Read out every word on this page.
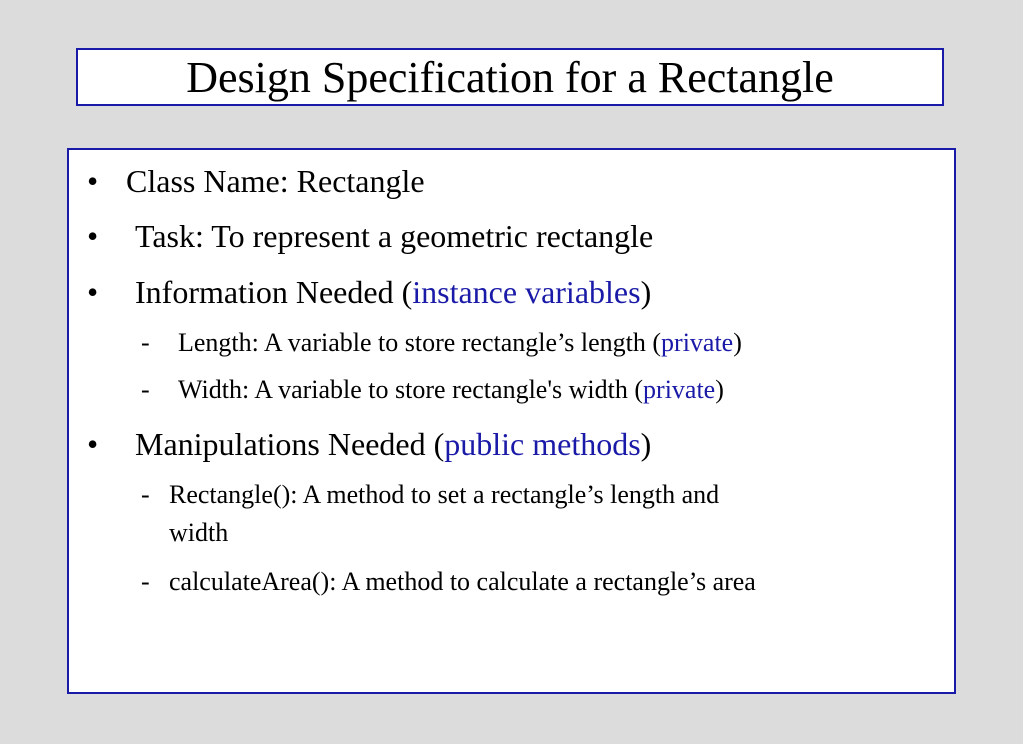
Design Specification for a Rectangle
• Class Name: Rectangle
• Task: To represent a geometric rectangle
• Information Needed (instance variables)
- Length: A variable to store rectangle’s length (private)
- Width: A variable to store rectangle's width (private)
• Manipulations Needed (public methods)
- Rectangle(): A method to set a rectangle’s length and
width
- calculateArea(): A method to calculate a rectangle’s area
